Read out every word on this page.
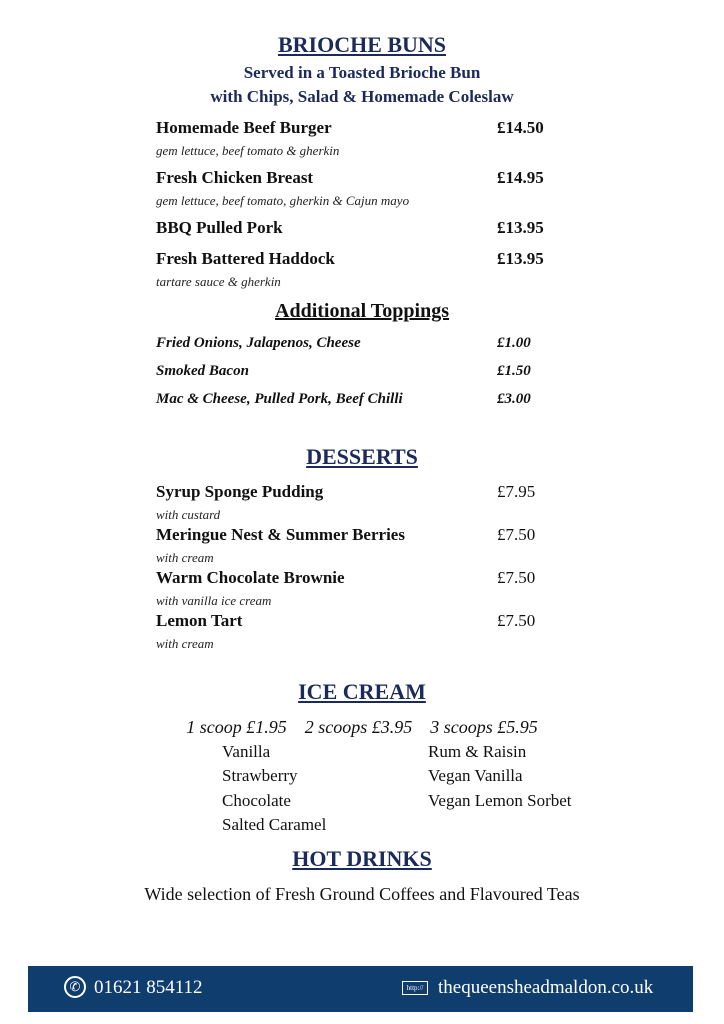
BRIOCHE BUNS
Served in a Toasted Brioche Bun
with Chips, Salad & Homemade Coleslaw
Homemade Beef Burger	£14.50
gem lettuce, beef tomato & gherkin
Fresh Chicken Breast	£14.95
gem lettuce, beef tomato, gherkin & Cajun mayo
BBQ Pulled Pork	£13.95
Fresh Battered Haddock	£13.95
tartare sauce & gherkin
Additional Toppings
Fried Onions, Jalapenos, Cheese	£1.00
Smoked Bacon	£1.50
Mac & Cheese, Pulled Pork, Beef Chilli	£3.00
DESSERTS
Syrup Sponge Pudding	£7.95
with custard
Meringue Nest & Summer Berries	£7.50
with cream
Warm Chocolate Brownie	£7.50
with vanilla ice cream
Lemon Tart	£7.50
with cream
ICE CREAM
1 scoop £1.95    2 scoops £3.95    3 scoops £5.95
Vanilla
Strawberry
Chocolate
Salted Caramel
Rum & Raisin
Vegan Vanilla
Vegan Lemon Sorbet
HOT DRINKS
Wide selection of Fresh Ground Coffees and Flavoured Teas
✆ 01621 854112	http:// thequeensheadmaldon.co.uk
